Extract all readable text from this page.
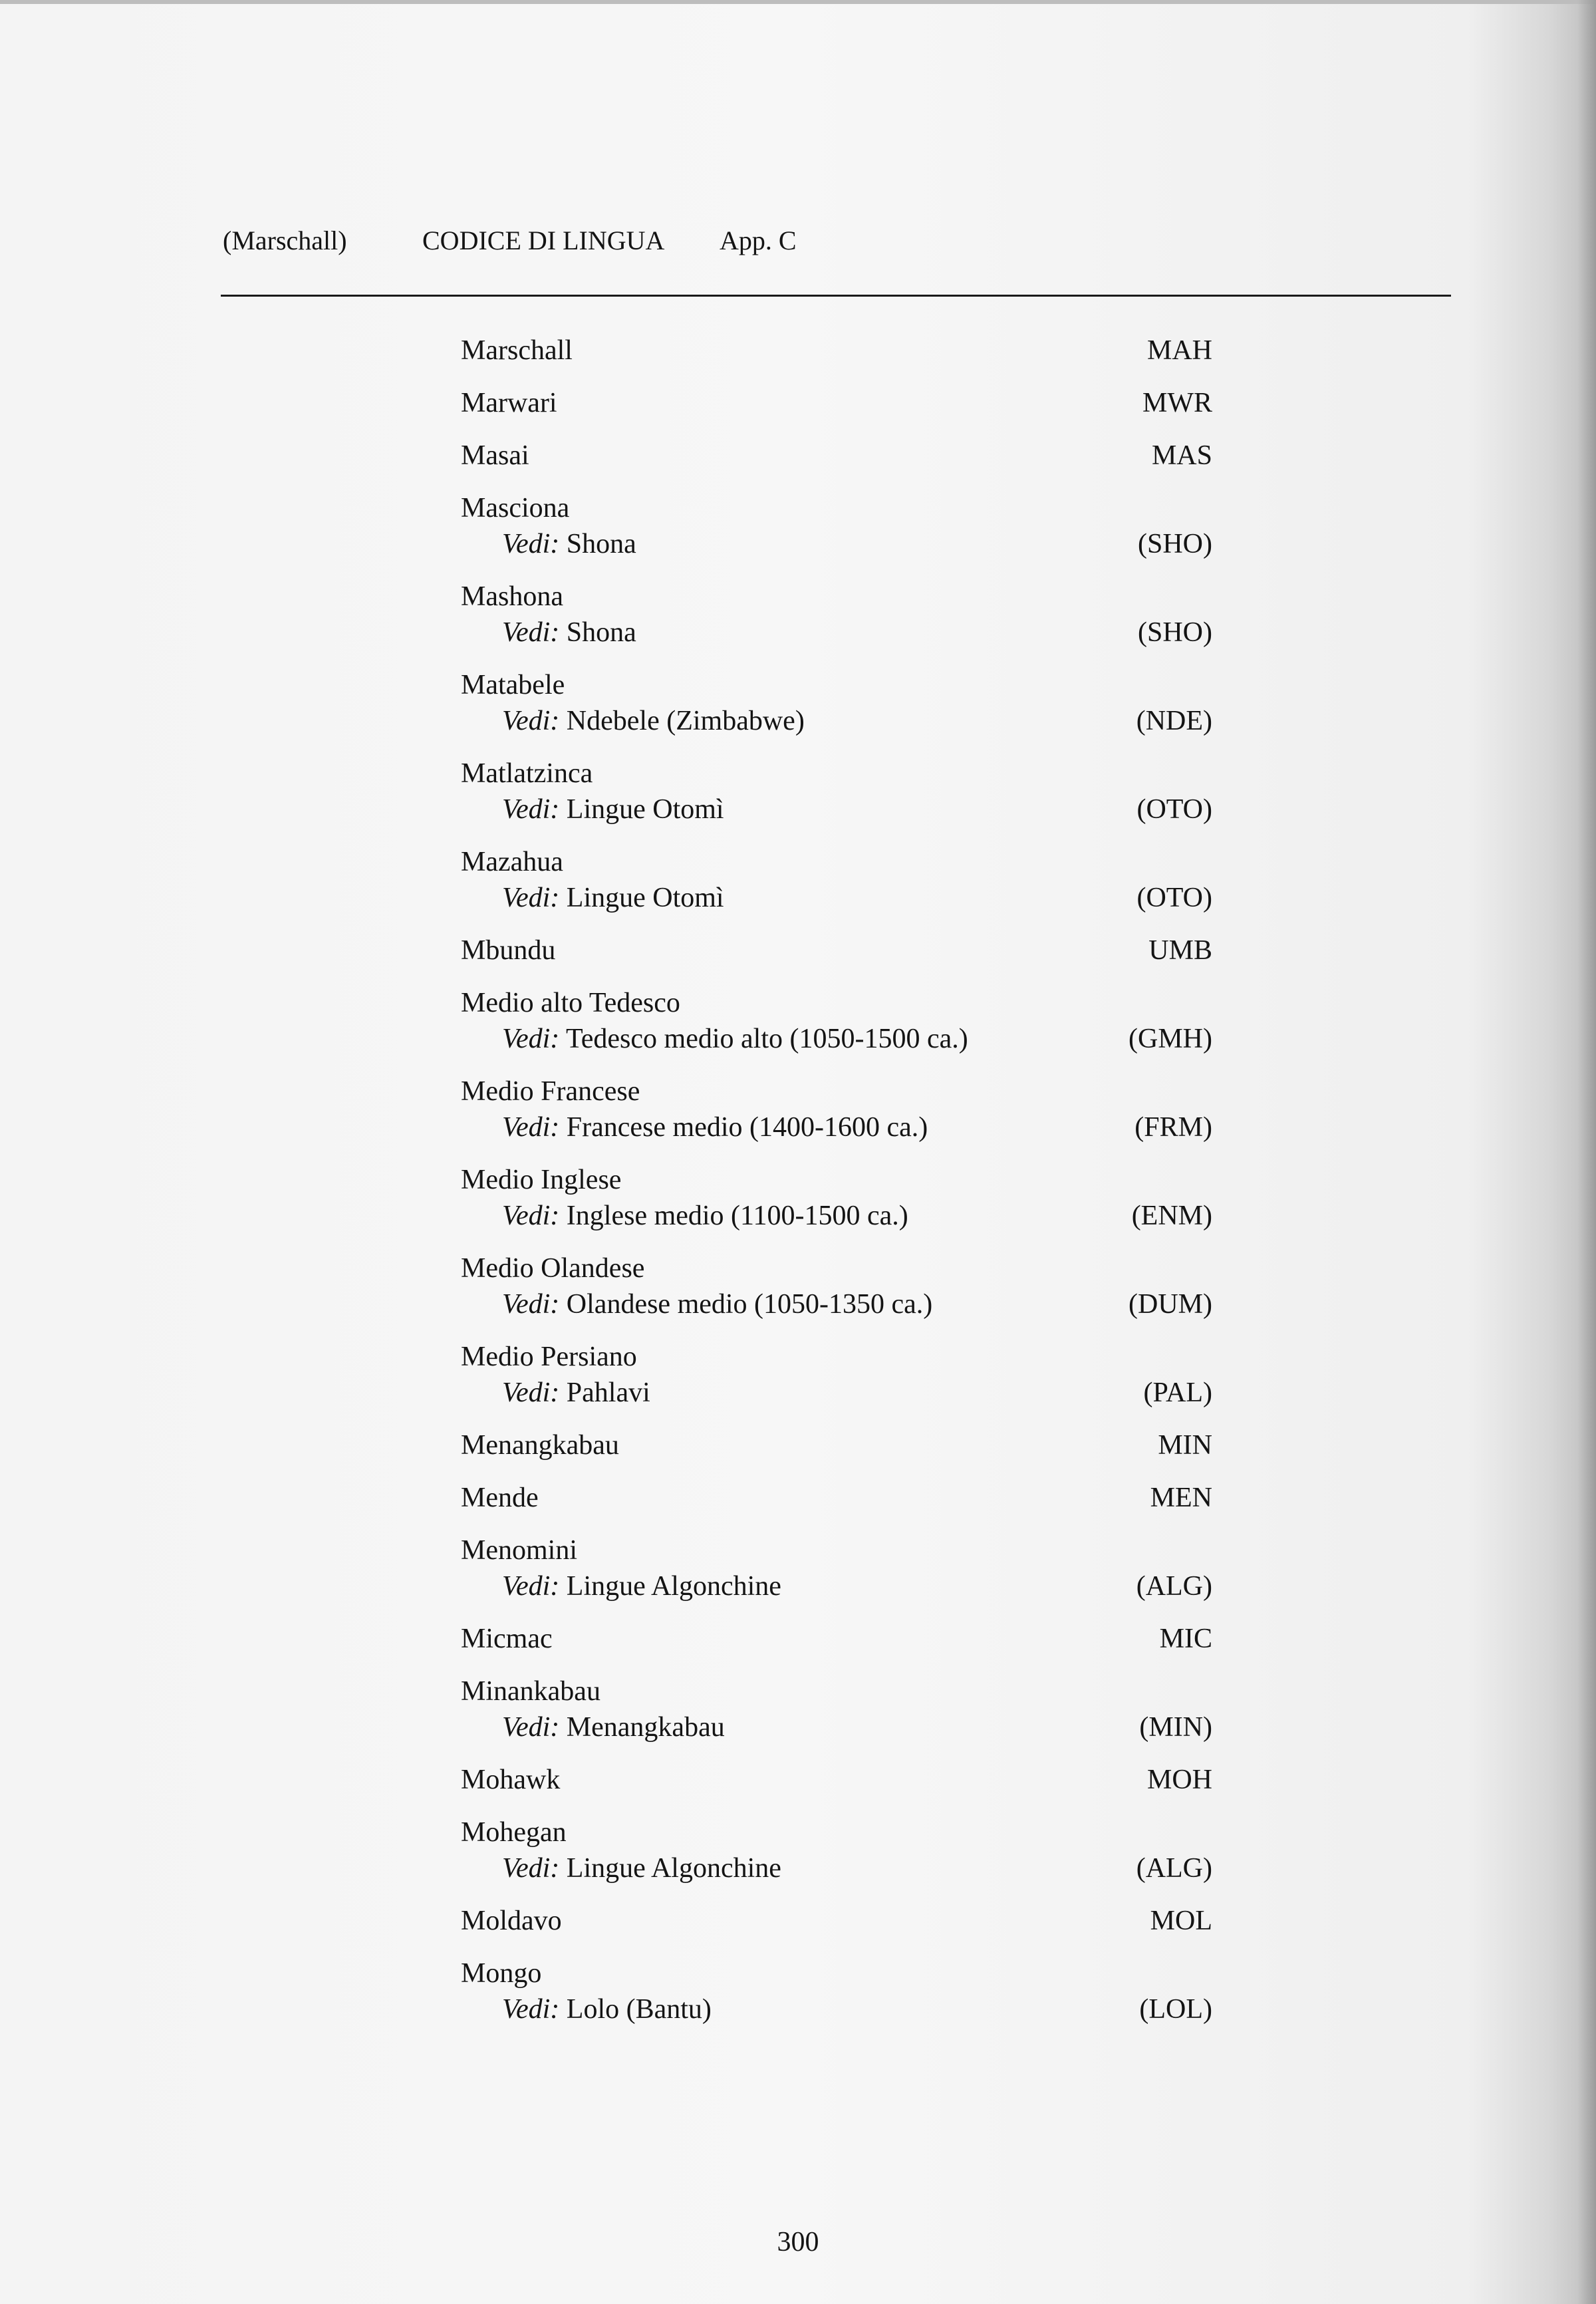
(Marschall)	CODICE DI LINGUA App. C
Marschall	MAH
Marwari	MWR
Masai	MAS
Masciona
Vedi: Shona	(SHO)
Mashona
Vedi: Shona	(SHO)
Matabele
Vedi: Ndebele (Zimbabwe)	(NDE)
Matlatzinca
Vedi: Lingue Otomì	(OTO)
Mazahua
Vedi: Lingue Otomì	(OTO)
Mbundu	UMB
Medio alto Tedesco
Vedi: Tedesco medio alto (1050-1500 ca.)	(GMH)
Medio Francese
Vedi: Francese medio (1400-1600 ca.)	(FRM)
Medio Inglese
Vedi: Inglese medio (1100-1500 ca.)	(ENM)
Medio Olandese
Vedi: Olandese medio (1050-1350 ca.)	(DUM)
Medio Persiano
Vedi: Pahlavi	(PAL)
Menangkabau	MIN
Mende	MEN
Menomini
Vedi: Lingue Algonchine	(ALG)
Micmac	MIC
Minankabau
Vedi: Menangkabau	(MIN)
Mohawk	MOH
Mohegan
Vedi: Lingue Algonchine	(ALG)
Moldavo	MOL
Mongo
Vedi: Lolo (Bantu)	(LOL)
300
